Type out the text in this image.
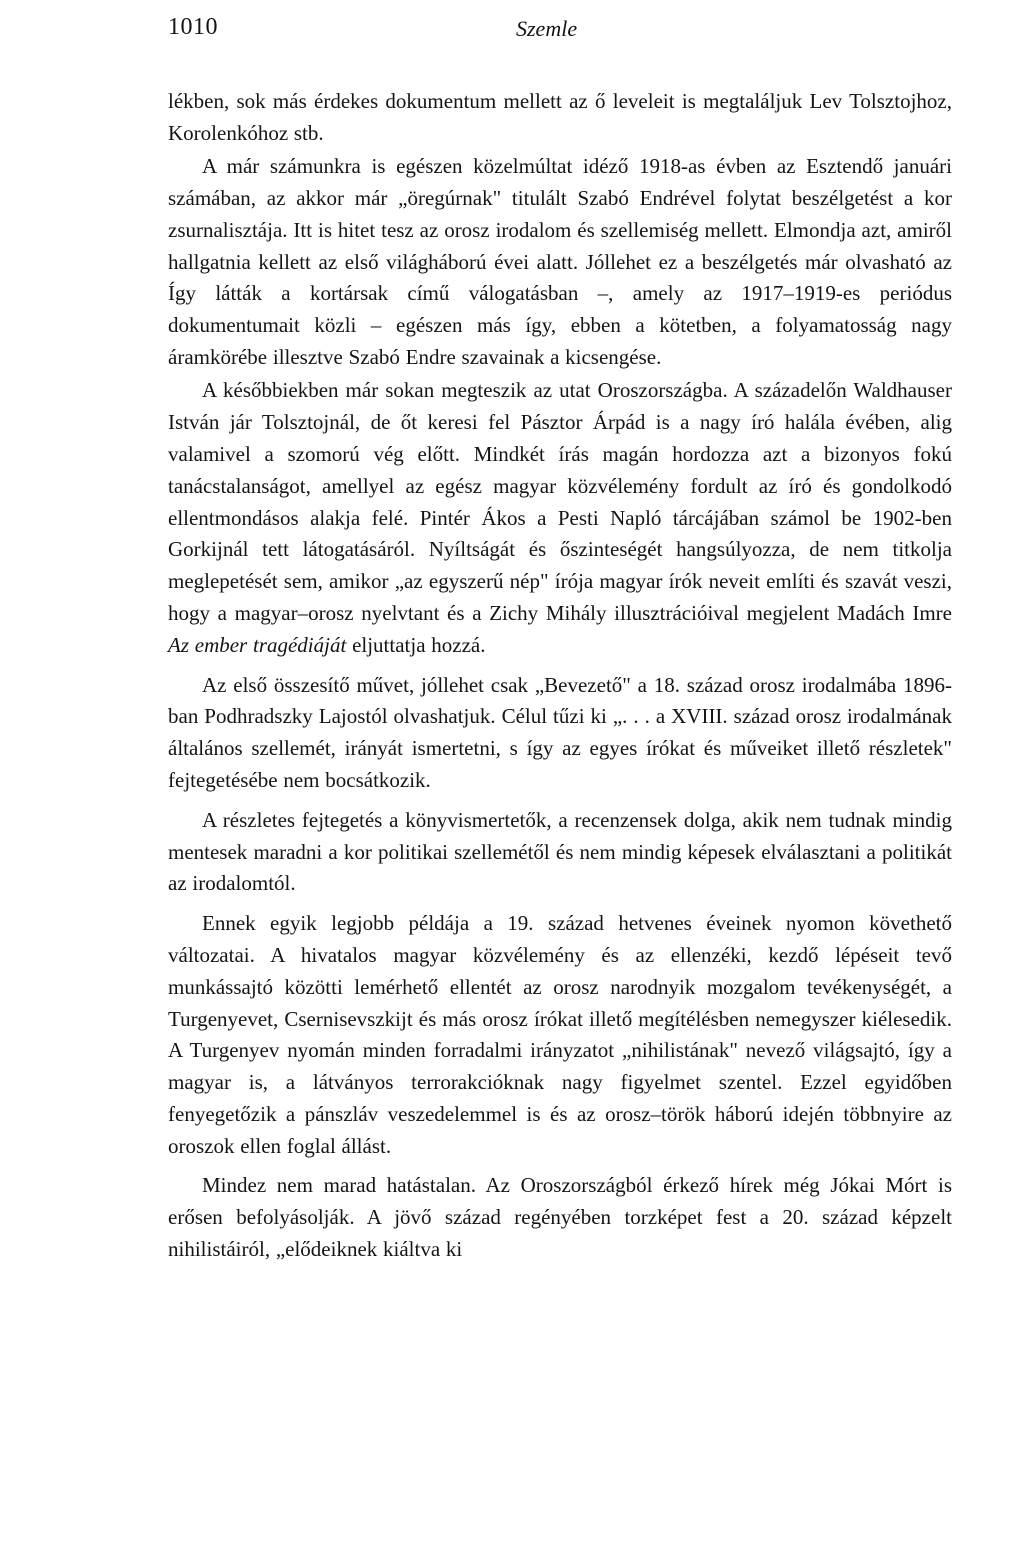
1010	Szemle

lékben, sok más érdekes dokumentum mellett az ő leveleit is megtaláljuk Lev Tolsztojhoz, Korolenkóhoz stb.

A már számunkra is egészen közelmúltat idéző 1918-as évben az Esztendő januári számában, az akkor már „öregúrnak" titulált Szabó Endrével folytat beszélgetést a kor zsurnalisztája. Itt is hitet tesz az orosz irodalom és szellemiség mellett. Elmondja azt, amiről hallgatnia kellett az első világháború évei alatt. Jóllehet ez a beszélgetés már olvasható az Így látták a kortársak című válogatásban –, amely az 1917–1919-es periódus dokumentumait közli – egészen más így, ebben a kötetben, a folyamatosság nagy áramkörébe illesztve Szabó Endre szavainak a kicsengése.

A későbbiekben már sokan megteszik az utat Oroszországba. A századelőn Waldhauser István jár Tolsztojnál, de őt keresi fel Pásztor Árpád is a nagy író halála évében, alig valamivel a szomorú vég előtt. Mindkét írás magán hordozza azt a bizonyos fokú tanácstalanságot, amellyel az egész magyar közvélemény fordult az író és gondolkodó ellentmondásos alakja felé. Pintér Ákos a Pesti Napló tárcájában számol be 1902-ben Gorkijnál tett látogatásáról. Nyíltságát és őszinteségét hangsúlyozza, de nem titkolja meglepetését sem, amikor „az egyszerű nép" írója magyar írók neveit említi és szavát veszi, hogy a magyar–orosz nyelvtant és a Zichy Mihály illusztrációival megjelent Madách Imre Az ember tragédiáját eljuttatja hozzá.

Az első összesítő művet, jóllehet csak „Bevezető" a 18. század orosz irodalmába 1896-ban Podhradszky Lajostól olvashatjuk. Célul tűzi ki „. . . a XVIII. század orosz irodalmának általános szellemét, irányát ismertetni, s így az egyes írókat és műveiket illető részletek" fejtegetésébe nem bocsátkozik.

A részletes fejtegetés a könyvismertetők, a recenzensek dolga, akik nem tudnak mindig mentesek maradni a kor politikai szellemétől és nem mindig képesek elválasztani a politikát az irodalomtól.

Ennek egyik legjobb példája a 19. század hetvenes éveinek nyomon követhető változatai. A hivatalos magyar közvélemény és az ellenzéki, kezdő lépéseit tevő munkássajtó közötti lemérhető ellentét az orosz narodnyik mozgalom tevékenységét, a Turgenyevet, Csernisevszkijt és más orosz írókat illető megítélésben nemegyszer kiélesedik. A Turgenyev nyomán minden forradalmi irányzatot „nihilistának" nevező világsajtó, így a magyar is, a látványos terrorakcióknak nagy figyelmet szentel. Ezzel egyidőben fenyegetőzik a pánszláv veszedelemmel is és az orosz–török háború idején többnyire az oroszok ellen foglal állást.

Mindez nem marad hatástalan. Az Oroszországból érkező hírek még Jókai Mórt is erősen befolyásolják. A jövő század regényében torzképet fest a 20. század képzelt nihilistáiról, „elődeiknek kiáltva ki
